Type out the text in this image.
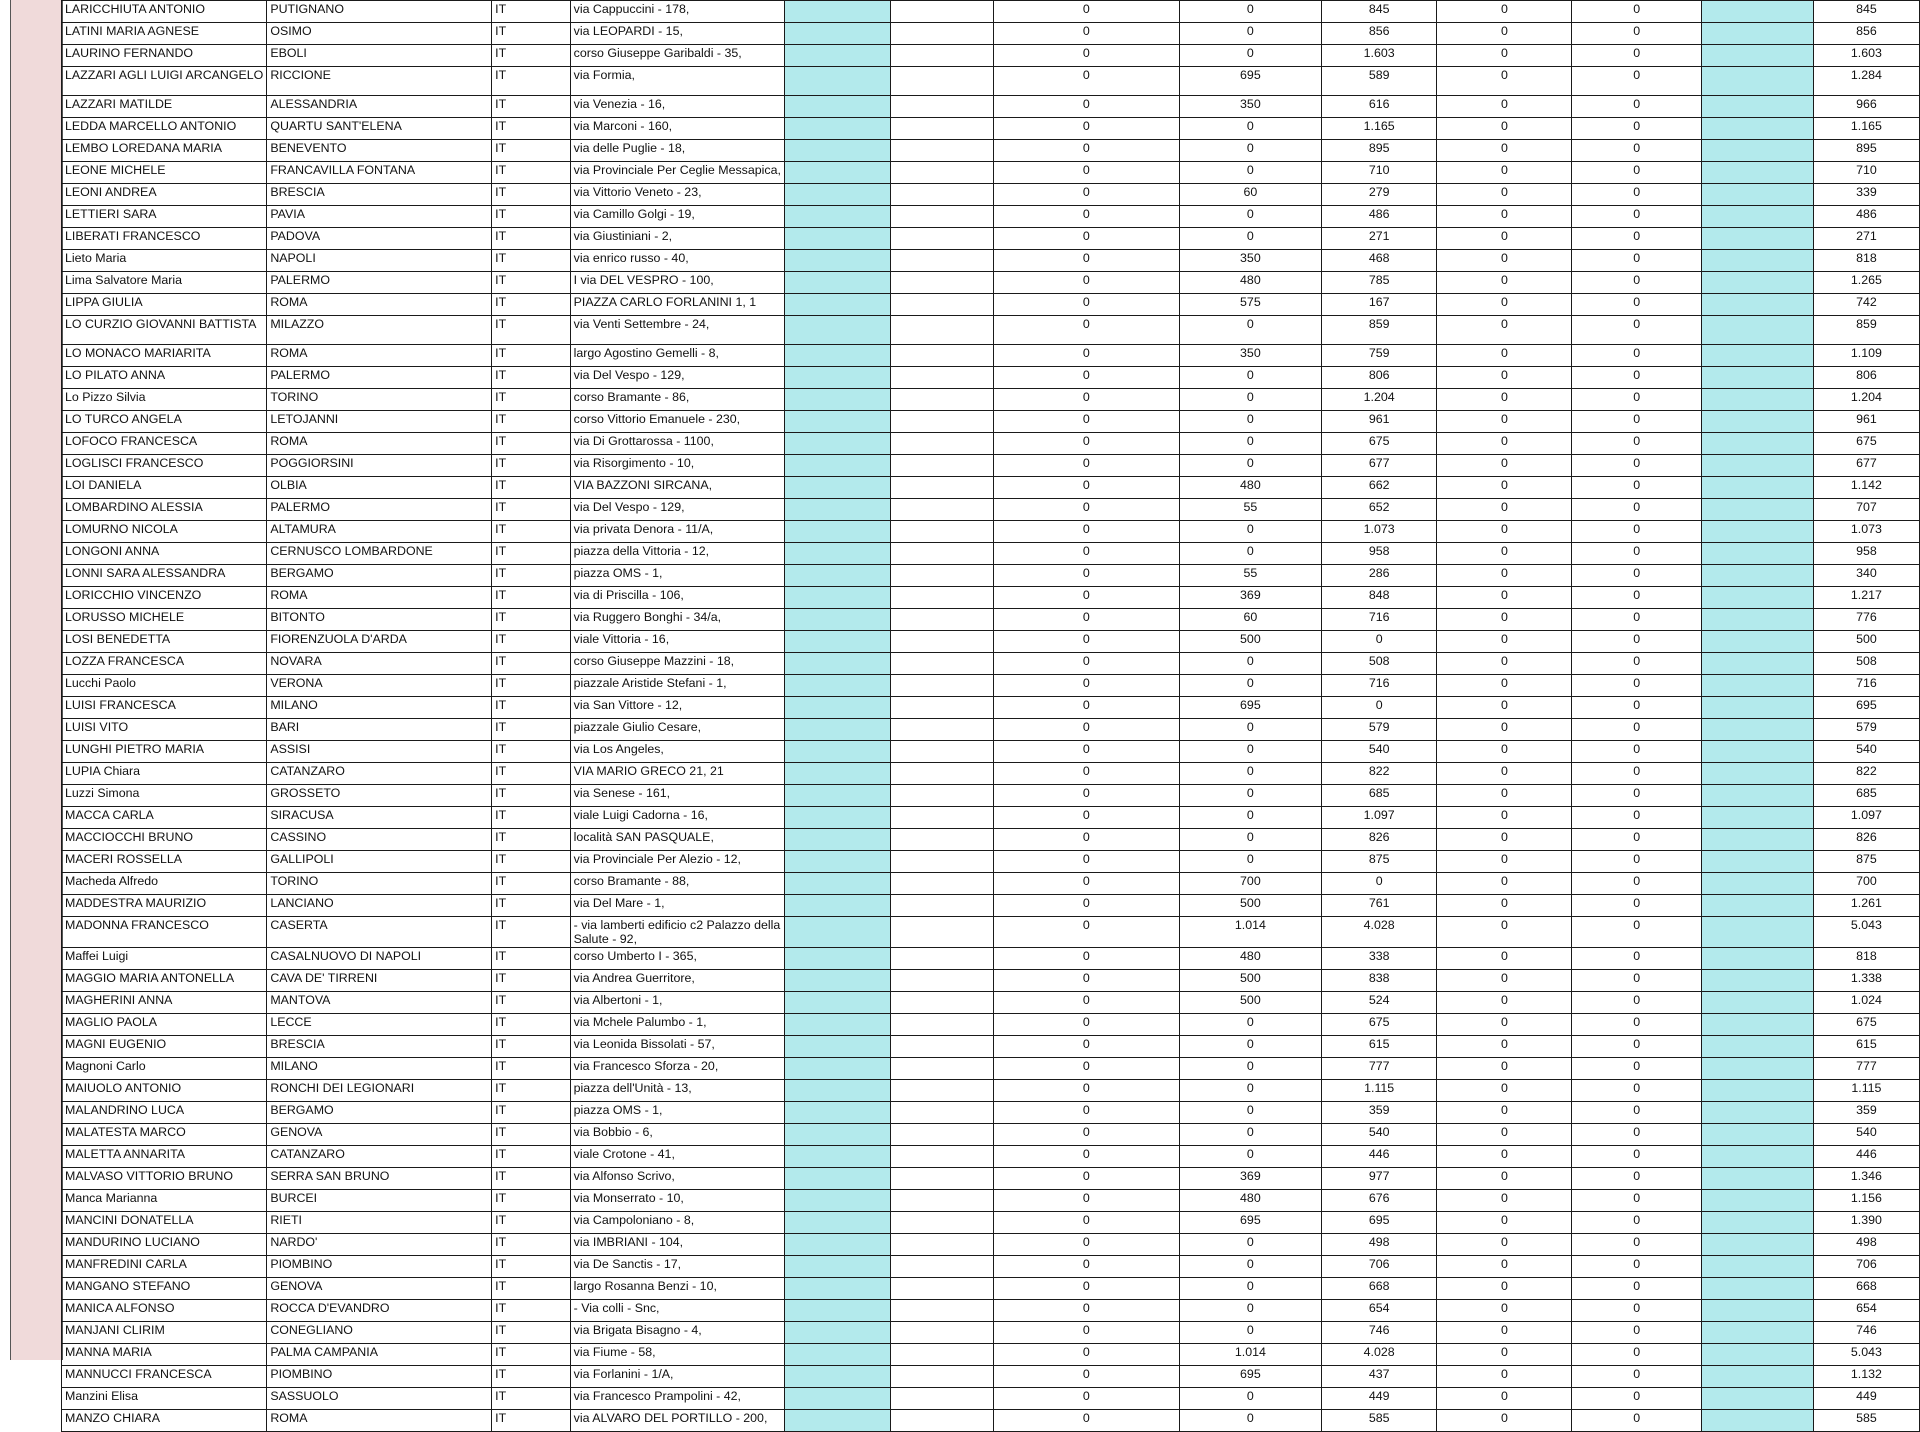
LARICCHIUTA ANTONIO	PUTIGNANO	IT	via Cappuccini - 178,			0	0	845	0	0		845
LATINI MARIA AGNESE	OSIMO	IT	via LEOPARDI - 15,			0	0	856	0	0		856
LAURINO FERNANDO	EBOLI	IT	corso Giuseppe Garibaldi - 35,			0	0	1.603	0	0		1.603
LAZZARI AGLI LUIGI ARCANGELO	RICCIONE	IT	via Formia,			0	695	589	0	0		1.284
LAZZARI MATILDE	ALESSANDRIA	IT	via Venezia - 16,			0	350	616	0	0		966
LEDDA MARCELLO ANTONIO	QUARTU SANT'ELENA	IT	via Marconi - 160,			0	0	1.165	0	0		1.165
LEMBO LOREDANA MARIA	BENEVENTO	IT	via delle Puglie - 18,			0	0	895	0	0		895
LEONE MICHELE	FRANCAVILLA FONTANA	IT	via Provinciale Per Ceglie Messapica,			0	0	710	0	0		710
LEONI ANDREA	BRESCIA	IT	via Vittorio Veneto - 23,			0	60	279	0	0		339
LETTIERI SARA	PAVIA	IT	via Camillo Golgi - 19,			0	0	486	0	0		486
LIBERATI FRANCESCO	PADOVA	IT	via Giustiniani - 2,			0	0	271	0	0		271
Lieto Maria	NAPOLI	IT	via enrico russo - 40,			0	350	468	0	0		818
Lima Salvatore Maria	PALERMO	IT	I via DEL VESPRO - 100,			0	480	785	0	0		1.265
LIPPA GIULIA	ROMA	IT	PIAZZA CARLO FORLANINI 1, 1			0	575	167	0	0		742
LO CURZIO GIOVANNI BATTISTA	MILAZZO	IT	via Venti Settembre - 24,			0	0	859	0	0		859
LO MONACO MARIARITA	ROMA	IT	largo Agostino Gemelli - 8,			0	350	759	0	0		1.109
LO PILATO ANNA	PALERMO	IT	via Del Vespo - 129,			0	0	806	0	0		806
Lo Pizzo Silvia	TORINO	IT	corso Bramante - 86,			0	0	1.204	0	0		1.204
LO TURCO ANGELA	LETOJANNI	IT	corso Vittorio Emanuele - 230,			0	0	961	0	0		961
LOFOCO FRANCESCA	ROMA	IT	via Di Grottarossa - 1100,			0	0	675	0	0		675
LOGLISCI FRANCESCO	POGGIORSINI	IT	via Risorgimento - 10,			0	0	677	0	0		677
LOI DANIELA	OLBIA	IT	VIA BAZZONI SIRCANA,			0	480	662	0	0		1.142
LOMBARDINO ALESSIA	PALERMO	IT	via Del Vespo - 129,			0	55	652	0	0		707
LOMURNO NICOLA	ALTAMURA	IT	via privata Denora - 11/A,			0	0	1.073	0	0		1.073
LONGONI ANNA	CERNUSCO LOMBARDONE	IT	piazza della Vittoria - 12,			0	0	958	0	0		958
LONNI SARA ALESSANDRA	BERGAMO	IT	piazza OMS - 1,			0	55	286	0	0		340
LORICCHIO VINCENZO	ROMA	IT	via di Priscilla - 106,			0	369	848	0	0		1.217
LORUSSO MICHELE	BITONTO	IT	via Ruggero Bonghi - 34/a,			0	60	716	0	0		776
LOSI BENEDETTA	FIORENZUOLA D'ARDA	IT	viale Vittoria - 16,			0	500	0	0	0		500
LOZZA FRANCESCA	NOVARA	IT	corso Giuseppe Mazzini - 18,			0	0	508	0	0		508
Lucchi Paolo	VERONA	IT	piazzale Aristide Stefani - 1,			0	0	716	0	0		716
LUISI FRANCESCA	MILANO	IT	via San Vittore - 12,			0	695	0	0	0		695
LUISI VITO	BARI	IT	piazzale Giulio Cesare,			0	0	579	0	0		579
LUNGHI PIETRO MARIA	ASSISI	IT	via Los Angeles,			0	0	540	0	0		540
LUPIA Chiara	CATANZARO	IT	VIA MARIO GRECO 21, 21			0	0	822	0	0		822
Luzzi Simona	GROSSETO	IT	via Senese - 161,			0	0	685	0	0		685
MACCA CARLA	SIRACUSA	IT	viale Luigi Cadorna - 16,			0	0	1.097	0	0		1.097
MACCIOCCHI BRUNO	CASSINO	IT	località SAN PASQUALE,			0	0	826	0	0		826
MACERI ROSSELLA	GALLIPOLI	IT	via Provinciale Per Alezio - 12,			0	0	875	0	0		875
Macheda Alfredo	TORINO	IT	corso Bramante - 88,			0	700	0	0	0		700
MADDESTRA MAURIZIO	LANCIANO	IT	via Del Mare - 1,			0	500	761	0	0		1.261
MADONNA FRANCESCO	CASERTA	IT	- via lamberti edificio c2 Palazzo della Salute - 92,			0	1.014	4.028	0	0		5.043
Maffei Luigi	CASALNUOVO DI NAPOLI	IT	corso Umberto I - 365,			0	480	338	0	0		818
MAGGIO MARIA ANTONELLA	CAVA DE' TIRRENI	IT	via Andrea Guerritore,			0	500	838	0	0		1.338
MAGHERINI ANNA	MANTOVA	IT	via Albertoni - 1,			0	500	524	0	0		1.024
MAGLIO PAOLA	LECCE	IT	via Mchele Palumbo - 1,			0	0	675	0	0		675
MAGNI EUGENIO	BRESCIA	IT	via Leonida Bissolati - 57,			0	0	615	0	0		615
Magnoni Carlo	MILANO	IT	via Francesco Sforza - 20,			0	0	777	0	0		777
MAIUOLO ANTONIO	RONCHI DEI LEGIONARI	IT	piazza dell'Unità - 13,			0	0	1.115	0	0		1.115
MALANDRINO LUCA	BERGAMO	IT	piazza OMS - 1,			0	0	359	0	0		359
MALATESTA MARCO	GENOVA	IT	via Bobbio - 6,			0	0	540	0	0		540
MALETTA ANNARITA	CATANZARO	IT	viale Crotone - 41,			0	0	446	0	0		446
MALVASO VITTORIO BRUNO	SERRA SAN BRUNO	IT	via Alfonso Scrivo,			0	369	977	0	0		1.346
Manca Marianna	BURCEI	IT	via Monserrato - 10,			0	480	676	0	0		1.156
MANCINI DONATELLA	RIETI	IT	via Campoloniano - 8,			0	695	695	0	0		1.390
MANDURINO LUCIANO	NARDO'	IT	via IMBRIANI - 104,			0	0	498	0	0		498
MANFREDINI CARLA	PIOMBINO	IT	via De Sanctis - 17,			0	0	706	0	0		706
MANGANO STEFANO	GENOVA	IT	largo Rosanna Benzi - 10,			0	0	668	0	0		668
MANICA ALFONSO	ROCCA D'EVANDRO	IT	- Via colli - Snc,			0	0	654	0	0		654
MANJANI CLIRIM	CONEGLIANO	IT	via Brigata Bisagno - 4,			0	0	746	0	0		746
MANNA MARIA	PALMA CAMPANIA	IT	via Fiume - 58,			0	1.014	4.028	0	0		5.043
MANNUCCI FRANCESCA	PIOMBINO	IT	via Forlanini - 1/A,			0	695	437	0	0		1.132
Manzini Elisa	SASSUOLO	IT	via Francesco Prampolini - 42,			0	0	449	0	0		449
MANZO CHIARA	ROMA	IT	via ALVARO DEL PORTILLO - 200,			0	0	585	0	0		585
